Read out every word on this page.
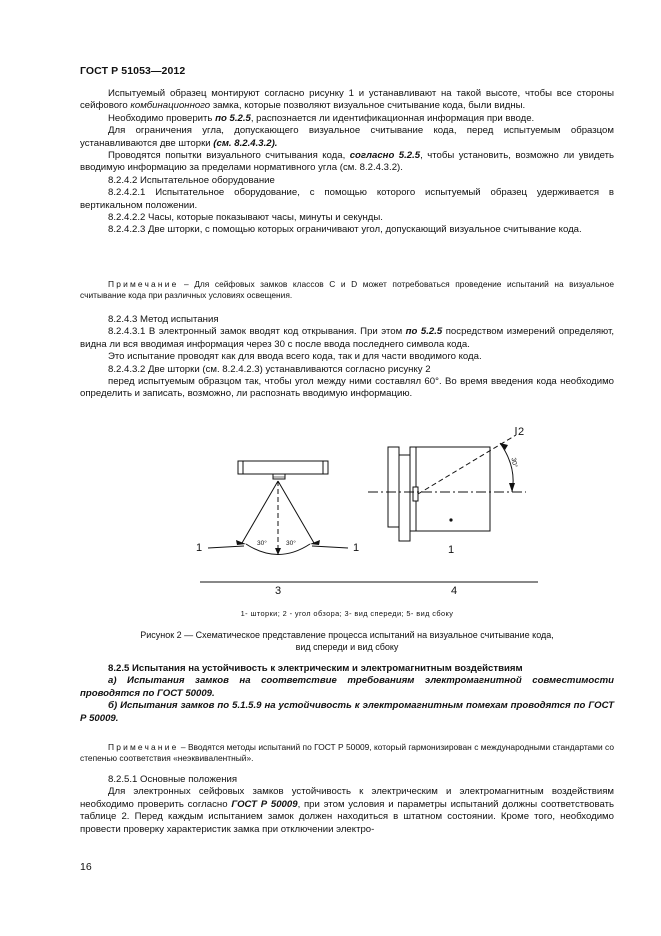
ГОСТ Р 51053—2012

Испытуемый образец монтируют согласно рисунку 1 и устанавливают на такой высоте, чтобы все стороны сейфового комбинационного замка, которые позволяют визуальное считывание кода, были видны.

Необходимо проверить по 5.2.5, распознается ли идентификационная информация при вводе.

Для ограничения угла, допускающего визуальное считывание кода, перед испытуемым образцом устанавливаются две шторки (см. 8.2.4.3.2).

Проводятся попытки визуального считывания кода, согласно 5.2.5, чтобы установить, возможно ли увидеть вводимую информацию за пределами нормативного угла (см. 8.2.4.3.2).

8.2.4.2 Испытательное оборудование

8.2.4.2.1 Испытательное оборудование, с помощью которого испытуемый образец удерживается в вертикальном положении.

8.2.4.2.2 Часы, которые показывают часы, минуты и секунды.

8.2.4.2.3 Две шторки, с помощью которых ограничивают угол, допускающий визуальное считывание кода.

Примечание – Для сейфовых замков классов C и D может потребоваться проведение испытаний на визуальное считывание кода при различных условиях освещения.

8.2.4.3 Метод испытания

8.2.4.3.1 В электронный замок вводят код открывания. При этом по 5.2.5 посредством измерений определяют, видна ли вся вводимая информация через 30 с после ввода последнего символа кода.

Это испытание проводят как для ввода всего кода, так и для части вводимого кода.

8.2.4.3.2 Две шторки (см. 8.2.4.2.3) устанавливаются согласно рисунку 2

перед испытуемым образцом так, чтобы угол между ними составлял 60°. Во время введения кода необходимо определить и записать, возможно, ли распознать вводимую информацию.

1	1
30°	30°
2
30°
1
3	4
1- шторки; 2 - угол обзора; 3- вид спереди; 5- вид сбоку
Рисунок 2 — Схематическое представление процесса испытаний на визуальное считывание кода,
вид спереди и вид сбоку

8.2.5 Испытания на устойчивость к электрическим и электромагнитным воздействиям

а) Испытания замков на соответствие требованиям электромагнитной совместимости проводятся по ГОСТ 50009.

б) Испытания замков по 5.1.5.9 на устойчивость к электромагнитным помехам проводятся по ГОСТ Р 50009.

Примечание – Вводятся методы испытаний по ГОСТ Р 50009, который гармонизирован с международными стандартами со степенью соответствия «неэквивалентный».

8.2.5.1 Основные положения

Для электронных сейфовых замков устойчивость к электрическим и электромагнитным воздействиям необходимо проверить согласно ГОСТ Р 50009, при этом условия и параметры испытаний должны соответствовать таблице 2. Перед каждым испытанием замок должен находиться в штатном состоянии. Кроме того, необходимо провести проверку характеристик замка при отключении электро-

16
